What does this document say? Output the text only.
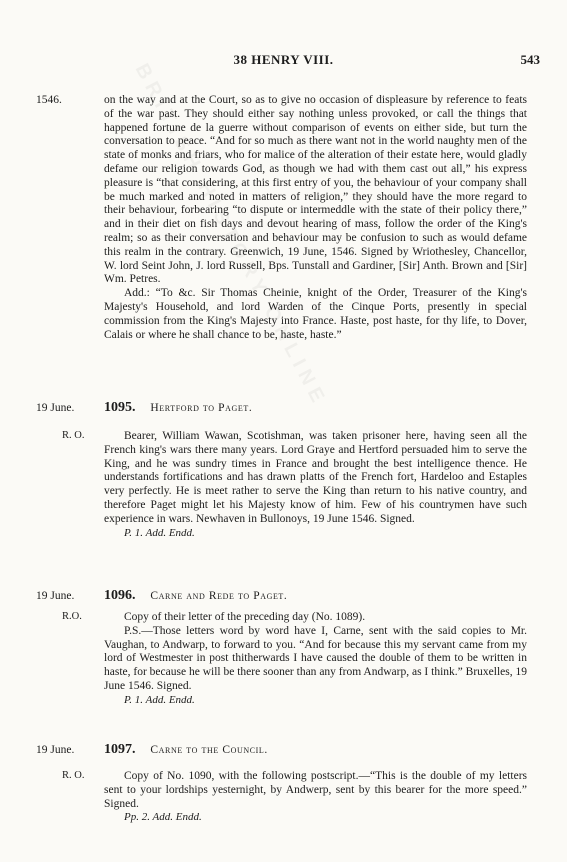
38 HENRY VIII.	543
1546.	on the way and at the Court, so as to give no occasion of displeasure by reference to feats of the war past. They should either say nothing unless provoked, or call the things that happened fortune de la guerre without comparison of events on either side, but turn the conversation to peace. “And for so much as there want not in the world naughty men of the state of monks and friars, who for malice of the alteration of their estate here, would gladly defame our religion towards God, as though we had with them cast out all,” his express pleasure is “that considering, at this first entry of you, the behaviour of your company shall be much marked and noted in matters of religion,” they should have the more regard to their behaviour, forbearing “to dispute or intermeddle with the state of their policy there,” and in their diet on fish days and devout hearing of mass, follow the order of the King's realm; so as their conversation and behaviour may be confusion to such as would defame this realm in the contrary. Greenwich, 19 June, 1546. Signed by Wriothesley, Chancellor, W. lord Seint John, J. lord Russell, Bps. Tunstall and Gardiner, [Sir] Anth. Brown and [Sir] Wm. Petres.

Add.: “To &c. Sir Thomas Cheinie, knight of the Order, Treasurer of the King's Majesty's Household, and lord Warden of the Cinque Ports, presently in special commission from the King's Majesty into France. Haste, post haste, for thy life, to Dover, Calais or where he shall chance to be, haste, haste.”

19 June. 1095. Hertford to Paget.
R. O.	Bearer, William Wawan, Scotishman, was taken prisoner here, having seen all the French king's wars there many years. Lord Graye and Hertford persuaded him to serve the King, and he was sundry times in France and brought the best intelligence thence. He understands fortifications and has drawn platts of the French fort, Hardeloo and Estaples very perfectly. He is meet rather to serve the King than return to his native country, and therefore Paget might let his Majesty know of him. Few of his countrymen have such experience in wars. Newhaven in Bullonoys, 19 June 1546. Signed.

P. 1. Add. Endd.

19 June. 1096. Carne and Rede to Paget.
R.O.	Copy of their letter of the preceding day (No. 1089).

P.S.—Those letters word by word have I, Carne, sent with the said copies to Mr. Vaughan, to Andwarp, to forward to you. “And for because this my servant came from my lord of Westmester in post thitherwards I have caused the double of them to be written in haste, for because he will be there sooner than any from Andwarp, as I think.” Bruxelles, 19 June 1546. Signed.

P. 1. Add. Endd.

19 June. 1097. Carne to the Council.
R. O.	Copy of No. 1090, with the following postscript.—“This is the double of my letters sent to your lordships yesternight, by Andwerp, sent by this bearer for the more speed.” Signed.

Pp. 2. Add. Endd.
